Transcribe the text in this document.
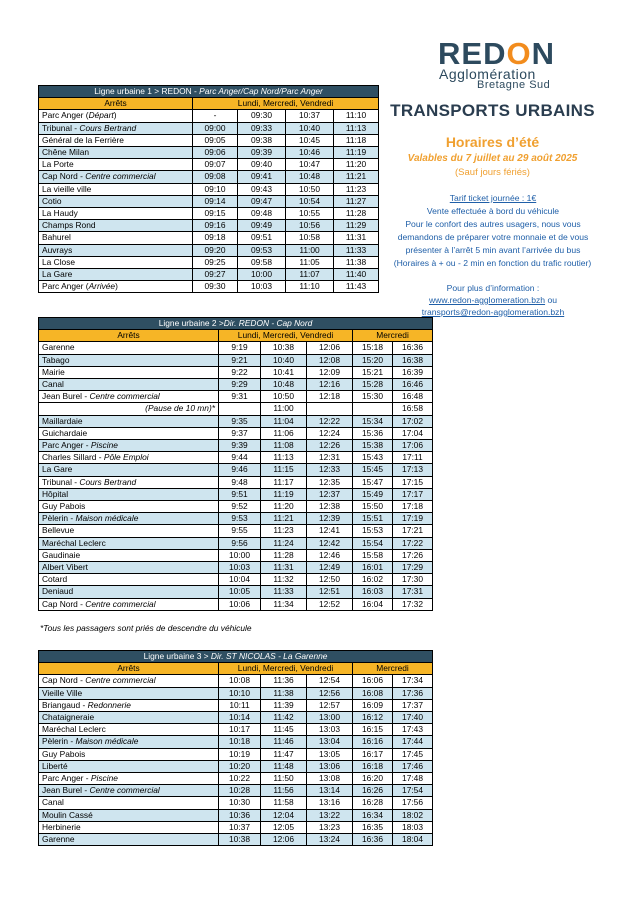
REDON
Agglomération
Bretagne Sud
TRANSPORTS URBAINS
Horaires d’été
Valables du 7 juillet au 29 août 2025
(Sauf jours fériés)
Tarif ticket journée : 1€
Vente effectuée à bord du véhicule
Pour le confort des autres usagers, nous vous
demandons de préparer votre monnaie et de vous
présenter à l’arrêt 5 min avant l’arrivée du bus
(Horaires à + ou - 2 min en fonction du trafic routier)
Pour plus d’information :
www.redon-agglomeration.bzh ou
transports@redon-agglomeration.bzh
Ligne urbaine 1 > REDON - Parc Anger/Cap Nord/Parc Anger				
Arrêts	Lundi, Mercredi, Vendredi			
Parc Anger (Départ)	-	09:30	10:37	11:10
Tribunal - Cours Bertrand	09:00	09:33	10:40	11:13
Général de la Ferrière	09:05	09:38	10:45	11:18
Chêne Milan	09:06	09:39	10:46	11:19
La Porte	09:07	09:40	10:47	11:20
Cap Nord - Centre commercial	09:08	09:41	10:48	11:21
La vieille ville	09:10	09:43	10:50	11:23
Cotio	09:14	09:47	10:54	11:27
La Haudy	09:15	09:48	10:55	11:28
Champs Rond	09:16	09:49	10:56	11:29
Bahurel	09:18	09:51	10:58	11:31
Auvrays	09:20	09:53	11:00	11:33
La Close	09:25	09:58	11:05	11:38
La Gare	09:27	10:00	11:07	11:40
Parc Anger (Arrivée)	09:30	10:03	11:10	11:43
Ligne urbaine 2 >Dir. REDON - Cap Nord					
Arrêts	Lundi, Mercredi, Vendredi			Mercredi	
Garenne	9:19	10:38	12:06	15:18	16:36
Tabago	9:21	10:40	12:08	15:20	16:38
Mairie	9:22	10:41	12:09	15:21	16:39
Canal	9:29	10:48	12:16	15:28	16:46
Jean Burel - Centre commercial	9:31	10:50	12:18	15:30	16:48
(Pause de 10 mn)*		11:00			16:58
Maillardaie	9:35	11:04	12:22	15:34	17:02
Guichardaie	9:37	11:06	12:24	15:36	17:04
Parc Anger - Piscine	9:39	11:08	12:26	15:38	17:06
Charles Sillard - Pôle Emploi	9:44	11:13	12:31	15:43	17:11
La Gare	9:46	11:15	12:33	15:45	17:13
Tribunal - Cours Bertrand	9:48	11:17	12:35	15:47	17:15
Hôpital	9:51	11:19	12:37	15:49	17:17
Guy Pabois	9:52	11:20	12:38	15:50	17:18
Pèlerin - Maison médicale	9:53	11:21	12:39	15:51	17:19
Bellevue	9:55	11:23	12:41	15:53	17:21
Maréchal Leclerc	9:56	11:24	12:42	15:54	17:22
Gaudinaie	10:00	11:28	12:46	15:58	17:26
Albert Vibert	10:03	11:31	12:49	16:01	17:29
Cotard	10:04	11:32	12:50	16:02	17:30
Deniaud	10:05	11:33	12:51	16:03	17:31
Cap Nord - Centre commercial	10:06	11:34	12:52	16:04	17:32
*Tous les passagers sont priés de descendre du véhicule
Ligne urbaine 3 > Dir. ST NICOLAS - La Garenne					
Arrêts	Lundi, Mercredi, Vendredi			Mercredi	
Cap Nord - Centre commercial	10:08	11:36	12:54	16:06	17:34
Vieille Ville	10:10	11:38	12:56	16:08	17:36
Briangaud - Redonnerie	10:11	11:39	12:57	16:09	17:37
Chataigneraie	10:14	11:42	13:00	16:12	17:40
Maréchal Leclerc	10:17	11:45	13:03	16:15	17:43
Pèlerin - Maison médicale	10:18	11:46	13:04	16:16	17:44
Guy Pabois	10:19	11:47	13:05	16:17	17:45
Liberté	10:20	11:48	13:06	16:18	17:46
Parc Anger - Piscine	10:22	11:50	13:08	16:20	17:48
Jean Burel - Centre commercial	10:28	11:56	13:14	16:26	17:54
Canal	10:30	11:58	13:16	16:28	17:56
Moulin Cassé	10:36	12:04	13:22	16:34	18:02
Herbinerie	10:37	12:05	13:23	16:35	18:03
Garenne	10:38	12:06	13:24	16:36	18:04
